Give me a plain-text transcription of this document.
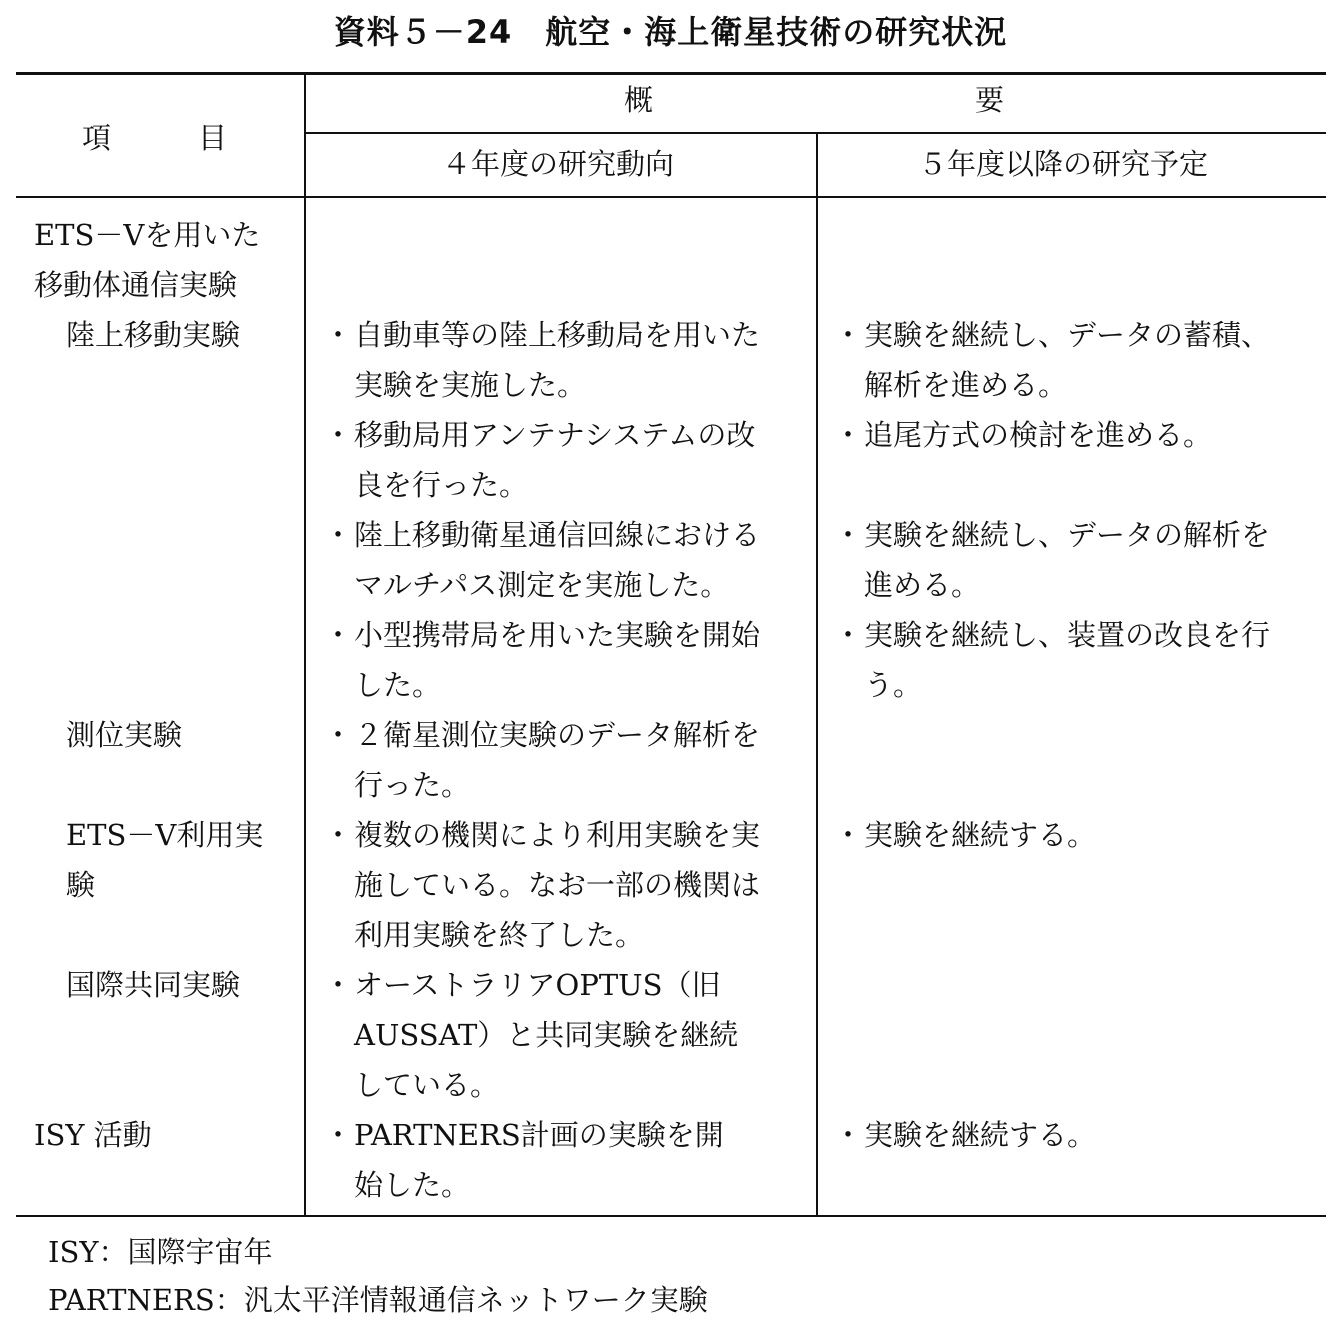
資料５－24　航空・海上衛星技術の研究状況
項　　　目
概	要
４年度の研究動向	５年度以降の研究予定
ETS－Vを用いた
移動体通信実験
陸上移動実験
測位実験
ETS－V利用実
験
国際共同実験
ISY 活動
・自動車等の陸上移動局を用いた
実験を実施した。
・移動局用アンテナシステムの改
良を行った。
・陸上移動衛星通信回線における
マルチパス測定を実施した。
・小型携帯局を用いた実験を開始
した。
・２衛星測位実験のデータ解析を
行った。
・複数の機関により利用実験を実
施している。なお一部の機関は
利用実験を終了した。
・オーストラリアOPTUS（旧
AUSSAT）と共同実験を継続
している。
・PARTNERS計画の実験を開
始した。
・実験を継続し、データの蓄積、
解析を進める。
・追尾方式の検討を進める。
・実験を継続し、データの解析を
進める。
・実験を継続し、装置の改良を行
う。
・実験を継続する。
・実験を継続する。
ISY：国際宇宙年
PARTNERS：汎太平洋情報通信ネットワーク実験
